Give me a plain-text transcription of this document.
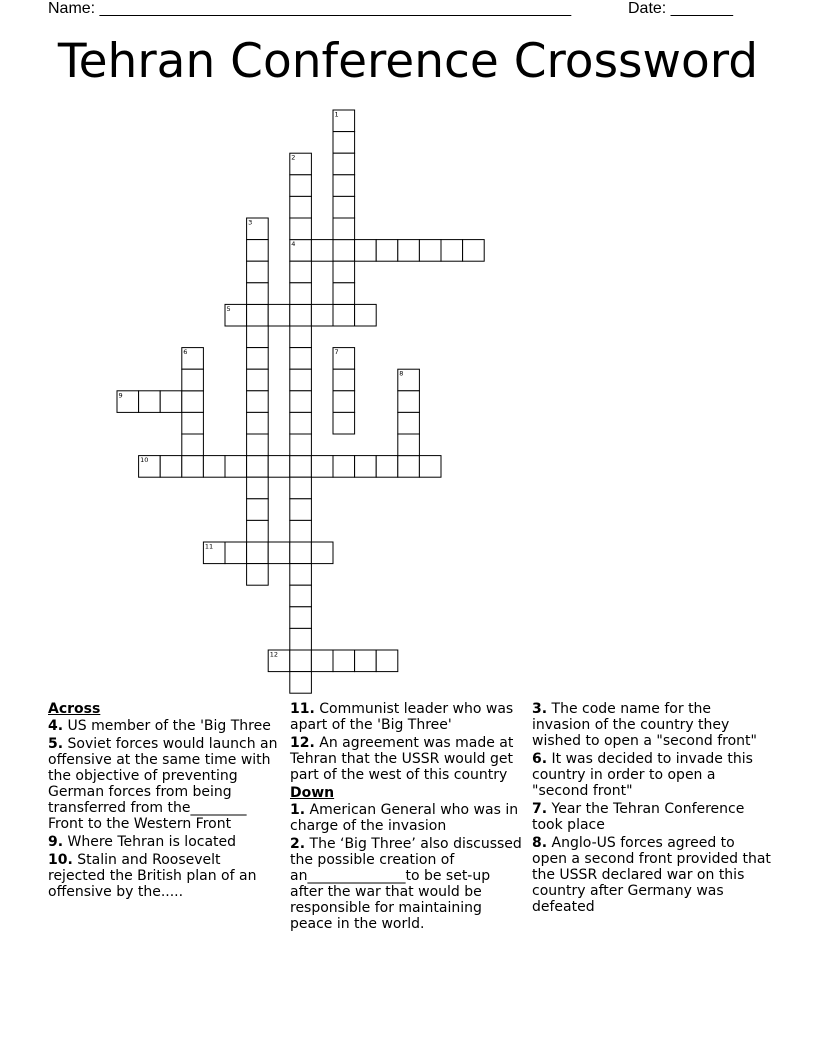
Name: _____________________________________________________	Date: _______
Tehran Conference Crossword
1
2
3
4
5
6	7
8
9
10
11
12
Across
4. US member of the 'Big Three
5. Soviet forces would launch an offensive at the same time with the objective of preventing German forces from being transferred from the________ Front to the Western Front
9. Where Tehran is located
10. Stalin and Roosevelt rejected the British plan of an offensive by the.....
11. Communist leader who was apart of the 'Big Three'
12. An agreement was made at Tehran that the USSR would get part of the west of this country
Down
1. American General who was in charge of the invasion
2. The ‘Big Three’ also discussed the possible creation of an______________to be set-up after the war that would be responsible for maintaining peace in the world.
3. The code name for the invasion of the country they wished to open a "second front"
6. It was decided to invade this country in order to open a "second front"
7. Year the Tehran Conference took place
8. Anglo-US forces agreed to open a second front provided that the USSR declared war on this country after Germany was defeated
